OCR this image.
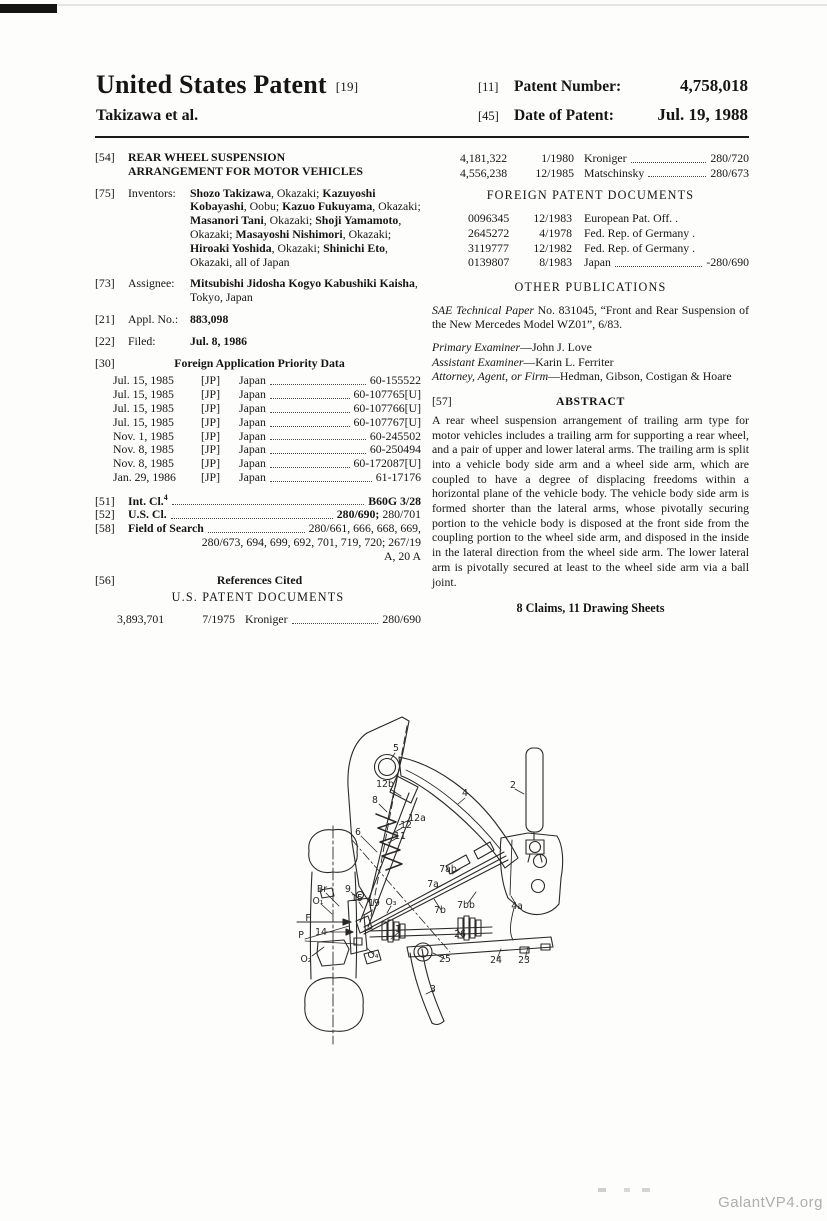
United States Patent [19]
Takizawa et al.
[11]	Patent Number:	4,758,018
[45] Date of Patent:	Jul. 19, 1988
[54]	REAR WHEEL SUSPENSION
ARRANGEMENT FOR MOTOR VEHICLES
[75]	Inventors:	Shozo Takizawa, Okazaki; Kazuyoshi Kobayashi, Oobu; Kazuo Fukuyama, Okazaki; Masanori Tani, Okazaki; Shoji Yamamoto, Okazaki; Masayoshi Nishimori, Okazaki; Hiroaki Yoshida, Okazaki; Shinichi Eto, Okazaki, all of Japan
[73]	Assignee:	Mitsubishi Jidosha Kogyo Kabushiki Kaisha, Tokyo, Japan
[21]	Appl. No.:	883,098
[22]	Filed:	Jul. 8, 1986
[30]	Foreign Application Priority Data
Jul. 15, 1985	[JP]	Japan	60-155522
Jul. 15, 1985	[JP]	Japan	60-107765[U]
Jul. 15, 1985	[JP]	Japan	60-107766[U]
Jul. 15, 1985	[JP]	Japan	60-107767[U]
Nov. 1, 1985	[JP]	Japan	60-245502
Nov. 8, 1985	[JP]	Japan	60-250494
Nov. 8, 1985	[JP]	Japan	60-172087[U]
Jan. 29, 1986	[JP]	Japan	61-17176
[51]	Int. Cl.$^4$	B60G 3/28
[52]	U.S. Cl.	280/690; 280/701
[58]	Field of Search	280/661, 666, 668, 669,
280/673, 694, 699, 692, 701, 719, 720; 267/19
A, 20 A
[56]	References Cited
U.S. PATENT DOCUMENTS
3,893,701	7/1975 Kroniger	280/690
4,181,322	1/1980 Kroniger	280/720
4,556,238	12/1985 Matschinsky	280/673
FOREIGN PATENT DOCUMENTS
0096345	12/1983	European Pat. Off. .
2645272	4/1978	Fed. Rep. of Germany .
3119777	12/1982	Fed. Rep. of Germany .
0139807	8/1983	Japan	-280/690
OTHER PUBLICATIONS
SAE Technical Paper No. 831045, “Front and Rear Suspension of the New Mercedes Model WZ01”, 6/83.
Primary Examiner—John J. Love
Assistant Examiner—Karin L. Ferriter
Attorney, Agent, or Firm—Hedman, Gibson, Costigan & Hoare
[57]	ABSTRACT
A rear wheel suspension arrangement of trailing arm type for motor vehicles includes a trailing arm for supporting a rear wheel, and a pair of upper and lower lateral arms. The trailing arm is split into a vehicle body side arm and a wheel side arm, which are coupled to have a degree of displacing freedoms within a horizontal plane of the vehicle body. The vehicle body side arm is formed shorter than the lateral arms, whose pivotally securing portion to the vehicle body is disposed at the front side from the coupling portion to the wheel side arm, and disposed in the inside in the lateral direction from the wheel side arm. The lower lateral arm is pivotally secured at least to the wheel side arm via a ball joint.
8 Claims, 11 Drawing Sheets
5
12b
8
4
2
12a
12
11
6
7ab
7a
Br
O₁
9
15 19 O₃	7bb
7b	4a
F
14
P
O₂	O₄
1	26
25	24 23
3
GalantVP4.org
